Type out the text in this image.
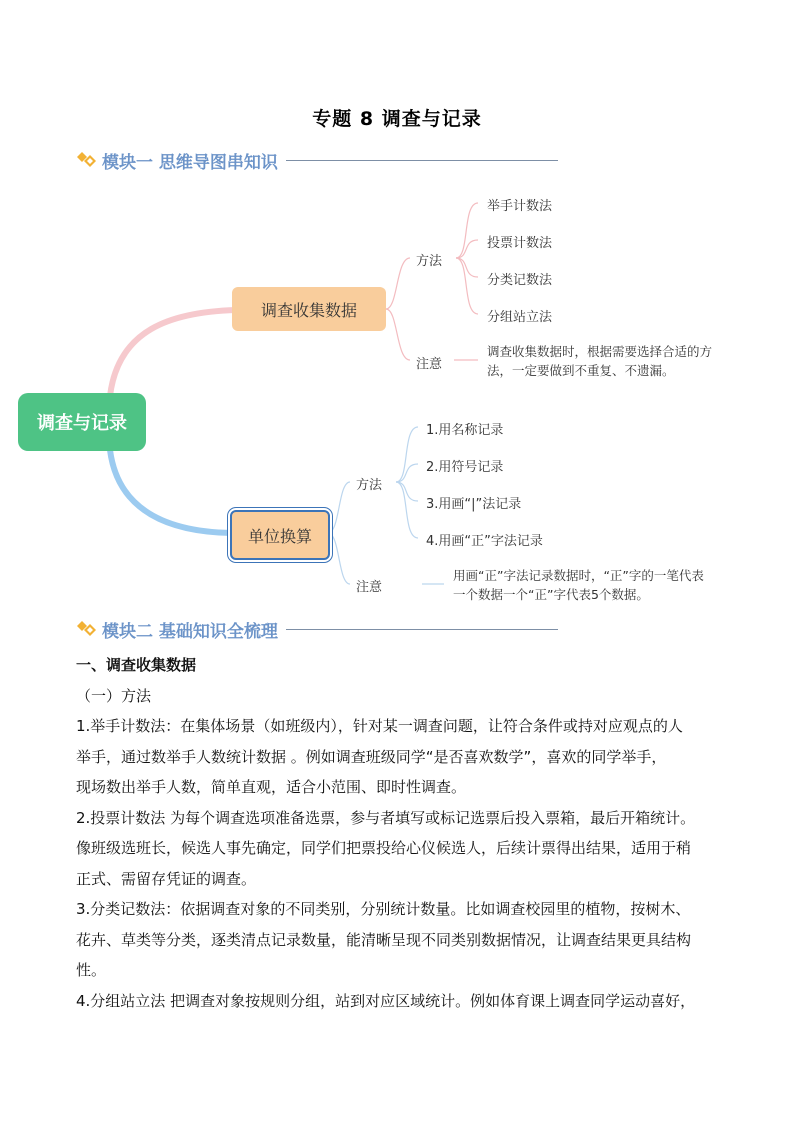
专题 8 调查与记录
模块一 思维导图串知识
调查与记录
调查收集数据
单位换算
方法
举手计数法
投票计数法
分类记数法
分组站立法
注意
调查收集数据时，根据需要选择合适的方
法，一定要做到不重复、不遗漏。
方法
1.用名称记录
2.用符号记录
3.用画“|”法记录
4.用画“正”字法记录
注意
用画“正”字法记录数据时，“正”字的一笔代表
一个数据一个“正”字代表5个数据。
模块二 基础知识全梳理

一、调查收集数据

（一）方法

1.举手计数法：在集体场景（如班级内），针对某一调查问题，让符合条件或持对应观点的人

举手，通过数举手人数统计数据 。例如调查班级同学“是否喜欢数学”，喜欢的同学举手，

现场数出举手人数，简单直观，适合小范围、即时性调查。

2.投票计数法 为每个调查选项准备选票，参与者填写或标记选票后投入票箱，最后开箱统计。

像班级选班长，候选人事先确定，同学们把票投给心仪候选人，后续计票得出结果，适用于稍

正式、需留存凭证的调查。

3.分类记数法：依据调查对象的不同类别，分别统计数量。比如调查校园里的植物，按树木、

花卉、草类等分类，逐类清点记录数量，能清晰呈现不同类别数据情况，让调查结果更具结构

性。

4.分组站立法 把调查对象按规则分组，站到对应区域统计。例如体育课上调查同学运动喜好，
